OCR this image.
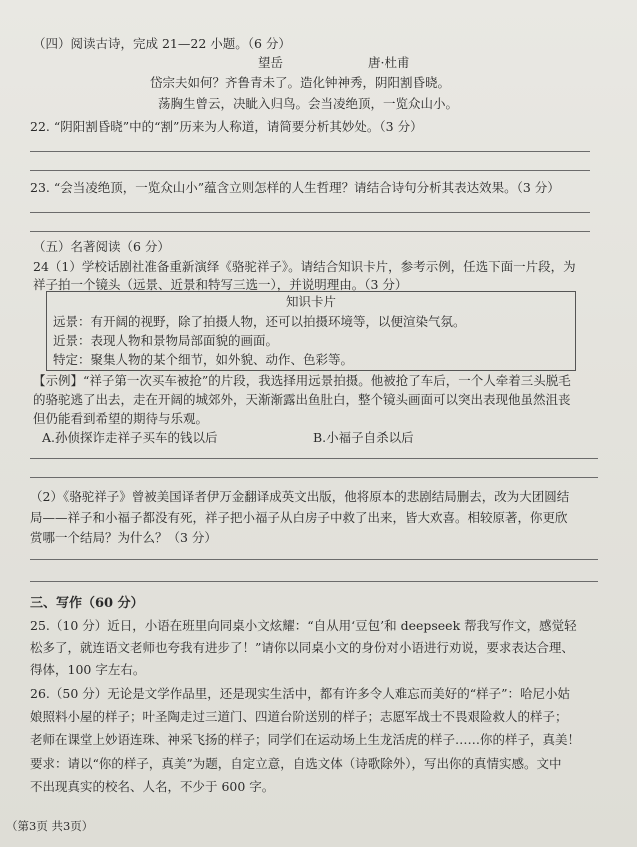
（四）阅读古诗，完成 21—22 小题。（6 分）
望岳	唐·杜甫
岱宗夫如何？齐鲁青未了。造化钟神秀，阴阳割昏晓。
荡胸生曾云，决眦入归鸟。会当凌绝顶，一览众山小。
22. “阴阳割昏晓”中的“割”历来为人称道，请简要分析其妙处。（3 分）
23. “会当凌绝顶，一览众山小”蕴含立则怎样的人生哲理？请结合诗句分析其表达效果。（3 分）
（五）名著阅读（6 分）
24（1）学校话剧社准备重新演绎《骆驼祥子》。请结合知识卡片，参考示例，任选下面一片段，为
祥子拍一个镜头（远景、近景和特写三选一），并说明理由。（3 分）
知识卡片
远景：有开阔的视野，除了拍摄人物，还可以拍摄环境等，以便渲染气氛。
近景：表现人物和景物局部面貌的画面。
特定：聚集人物的某个细节，如外貌、动作、色彩等。
【示例】“祥子第一次买车被抢”的片段，我选择用远景拍摄。他被抢了车后，一个人牵着三头脱毛
的骆驼逃了出去，走在开阔的城郊外，天渐渐露出鱼肚白，整个镜头画面可以突出表现他虽然沮丧
但仍能看到希望的期待与乐观。
A.孙侦探诈走祥子买车的钱以后	B.小福子自杀以后
（2）《骆驼祥子》曾被美国译者伊万金翻译成英文出版，他将原本的悲剧结局删去，改为大团圆结
局——祥子和小福子都没有死，祥子把小福子从白房子中救了出来，皆大欢喜。相较原著，你更欣
赏哪一个结局？为什么？（3 分）
三、写作（60 分）
25.（10 分）近日，小语在班里向同桌小文炫耀：“自从用‘豆包’和 deepseek 帮我写作文，感觉轻
松多了，就连语文老师也夸我有进步了！”请你以同桌小文的身份对小语进行劝说，要求表达合理、
得体，100 字左右。
26.（50 分）无论是文学作品里，还是现实生活中，都有许多令人难忘而美好的“样子”：哈尼小姑
娘照料小屋的样子；叶圣陶走过三道门、四道台阶送别的样子；志愿军战士不畏艰险救人的样子；
老师在课堂上妙语连珠、神采飞扬的样子；同学们在运动场上生龙活虎的样子……你的样子，真美！
要求：请以“你的样子，真美”为题，自定立意，自选文体（诗歌除外），写出你的真情实感。文中
不出现真实的校名、人名，不少于 600 字。
（第3页 共3页）
